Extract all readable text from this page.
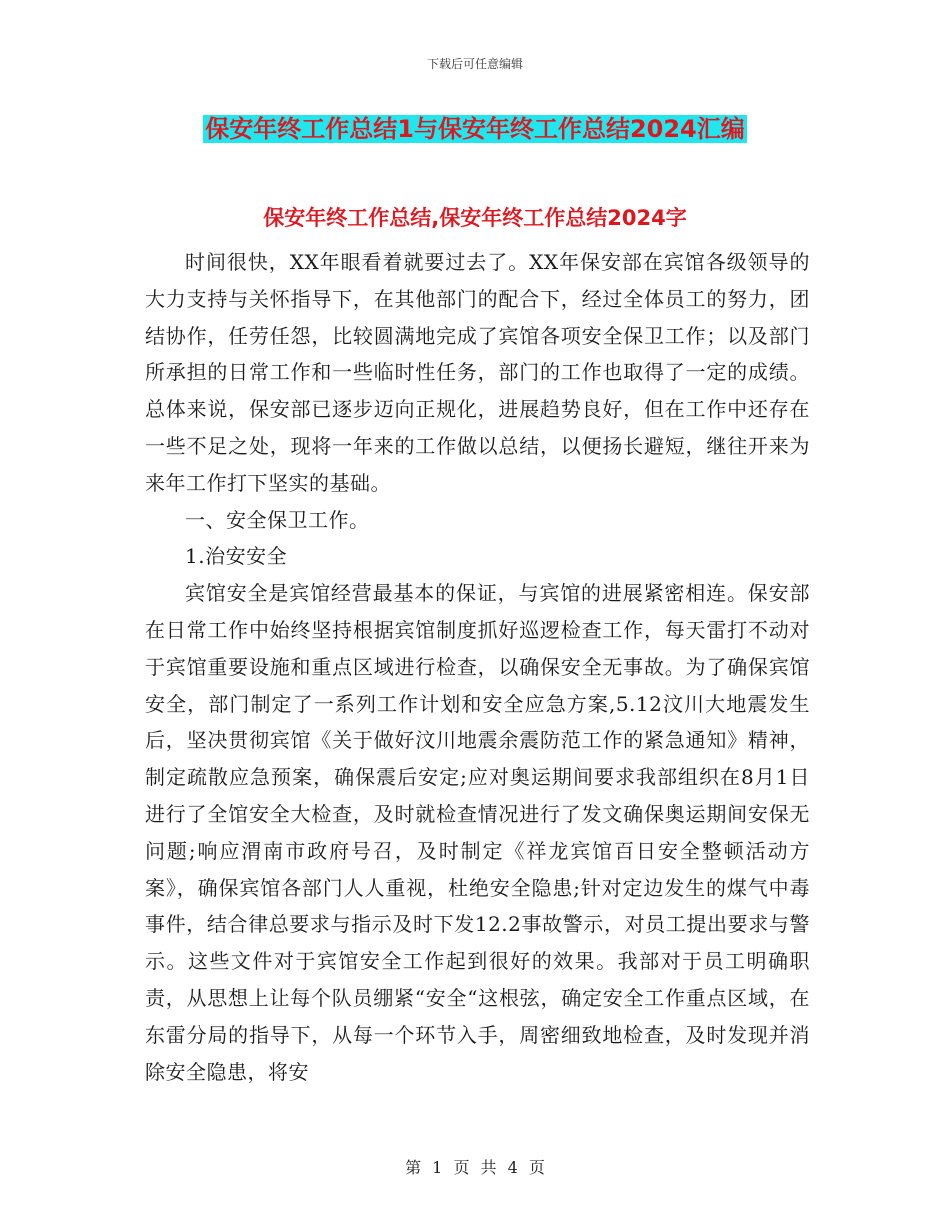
下载后可任意编辑
保安年终工作总结1与保安年终工作总结2024汇编
保安年终工作总结,保安年终工作总结2024字

时间很快，XX年眼看着就要过去了。XX年保安部在宾馆各级领导的大力支持与关怀指导下，在其他部门的配合下，经过全体员工的努力，团结协作，任劳任怨，比较圆满地完成了宾馆各项安全保卫工作；以及部门所承担的日常工作和一些临时性任务，部门的工作也取得了一定的成绩。总体来说，保安部已逐步迈向正规化，进展趋势良好，但在工作中还存在一些不足之处，现将一年来的工作做以总结，以便扬长避短，继往开来为来年工作打下坚实的基础。

一、安全保卫工作。

1.治安安全

宾馆安全是宾馆经营最基本的保证，与宾馆的进展紧密相连。保安部在日常工作中始终坚持根据宾馆制度抓好巡逻检查工作，每天雷打不动对于宾馆重要设施和重点区域进行检查，以确保安全无事故。为了确保宾馆安全，部门制定了一系列工作计划和安全应急方案,5.12汶川大地震发生后，坚决贯彻宾馆《关于做好汶川地震余震防范工作的紧急通知》精神，制定疏散应急预案，确保震后安定;应对奥运期间要求我部组织在8月1日进行了全馆安全大检查，及时就检查情况进行了发文确保奥运期间安保无问题;响应渭南市政府号召，及时制定《祥龙宾馆百日安全整顿活动方案》，确保宾馆各部门人人重视，杜绝安全隐患;针对定边发生的煤气中毒事件，结合律总要求与指示及时下发12.2事故警示，对员工提出要求与警示。这些文件对于宾馆安全工作起到很好的效果。我部对于员工明确职责，从思想上让每个队员绷紧“安全“这根弦，确定安全工作重点区域，在东雷分局的指导下，从每一个环节入手，周密细致地检查，及时发现并消除安全隐患，将安

第 1 页 共 4 页
